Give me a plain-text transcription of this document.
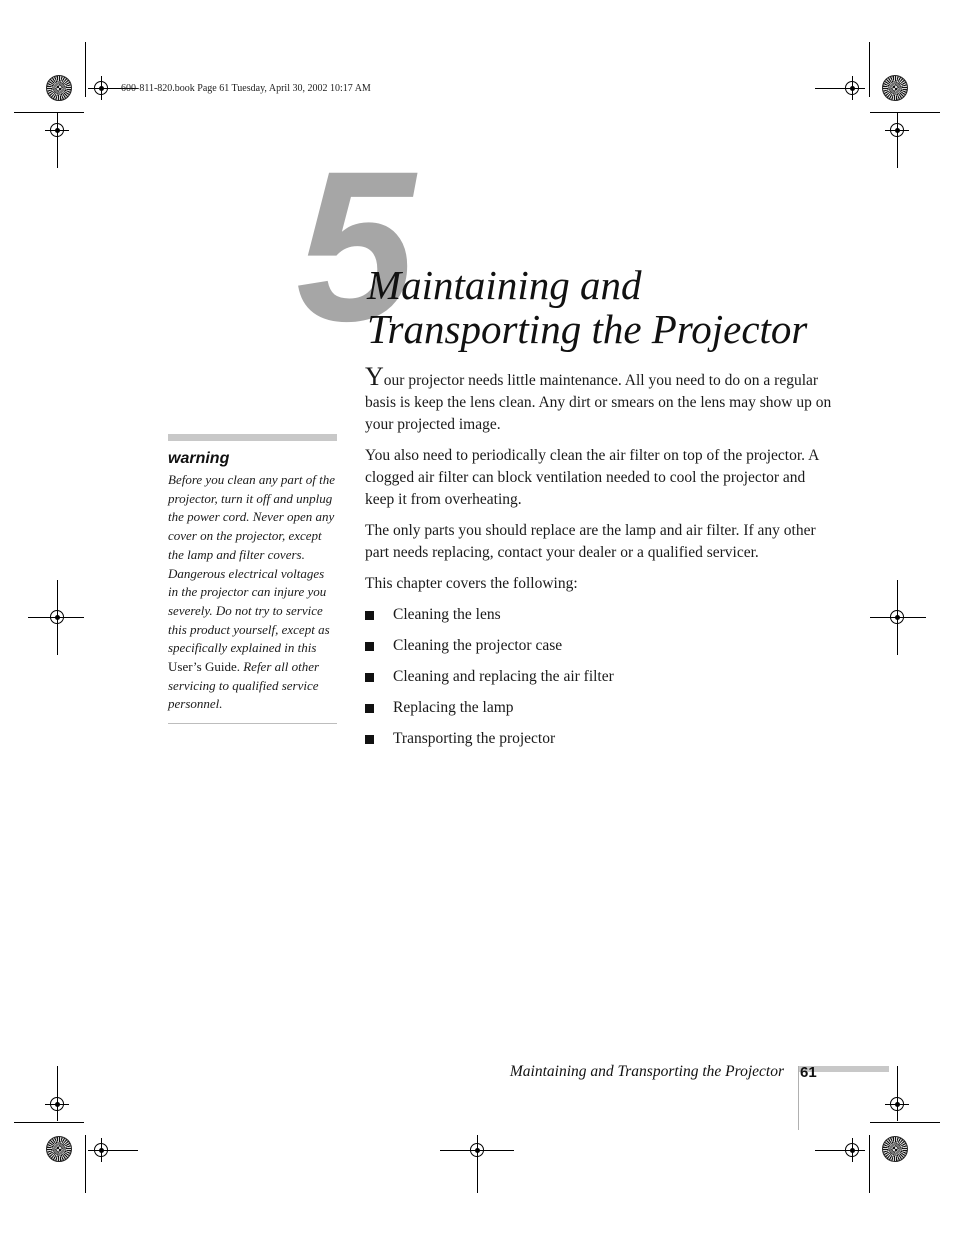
600-811-820.book Page 61 Tuesday, April 30, 2002 10:17 AM
5
Maintaining and
Transporting the Projector
warning
Before you clean any part of the projector, turn it off and unplug the power cord. Never open any cover on the projector, except the lamp and filter covers. Dangerous electrical voltages in the projector can injure you severely. Do not try to service this product yourself, except as specifically explained in this User’s Guide. Refer all other servicing to qualified service personnel.

Your projector needs little maintenance. All you need to do on a regular basis is keep the lens clean. Any dirt or smears on the lens may show up on your projected image.

You also need to periodically clean the air filter on top of the projector. A clogged air filter can block ventilation needed to cool the projector and keep it from overheating.

The only parts you should replace are the lamp and air filter. If any other part needs replacing, contact your dealer or a qualified servicer.

This chapter covers the following:

Cleaning the lens
Cleaning the projector case
Cleaning and replacing the air filter
Replacing the lamp
Transporting the projector
Maintaining and Transporting the Projector 61
